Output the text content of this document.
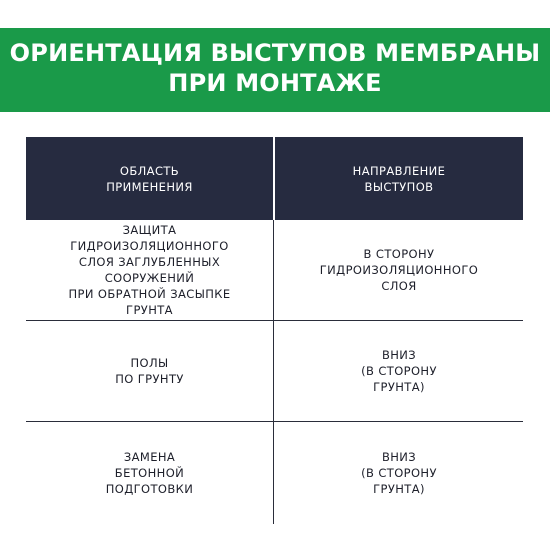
ОРИЕНТАЦИЯ ВЫСТУПОВ МЕМБРАНЫ
ПРИ МОНТАЖЕ
ОБЛАСТЬ
ПРИМЕНЕНИЯ
НАПРАВЛЕНИЕ
ВЫСТУПОВ
ЗАЩИТА
ГИДРОИЗОЛЯЦИОННОГО
СЛОЯ ЗАГЛУБЛЕННЫХ
СООРУЖЕНИЙ
ПРИ ОБРАТНОЙ ЗАСЫПКЕ
ГРУНТА
В СТОРОНУ
ГИДРОИЗОЛЯЦИОННОГО
СЛОЯ
ПОЛЫ
ПО ГРУНТУ
ВНИЗ
(В СТОРОНУ
ГРУНТА)
ЗАМЕНА
БЕТОННОЙ
ПОДГОТОВКИ
ВНИЗ
(В СТОРОНУ
ГРУНТА)
